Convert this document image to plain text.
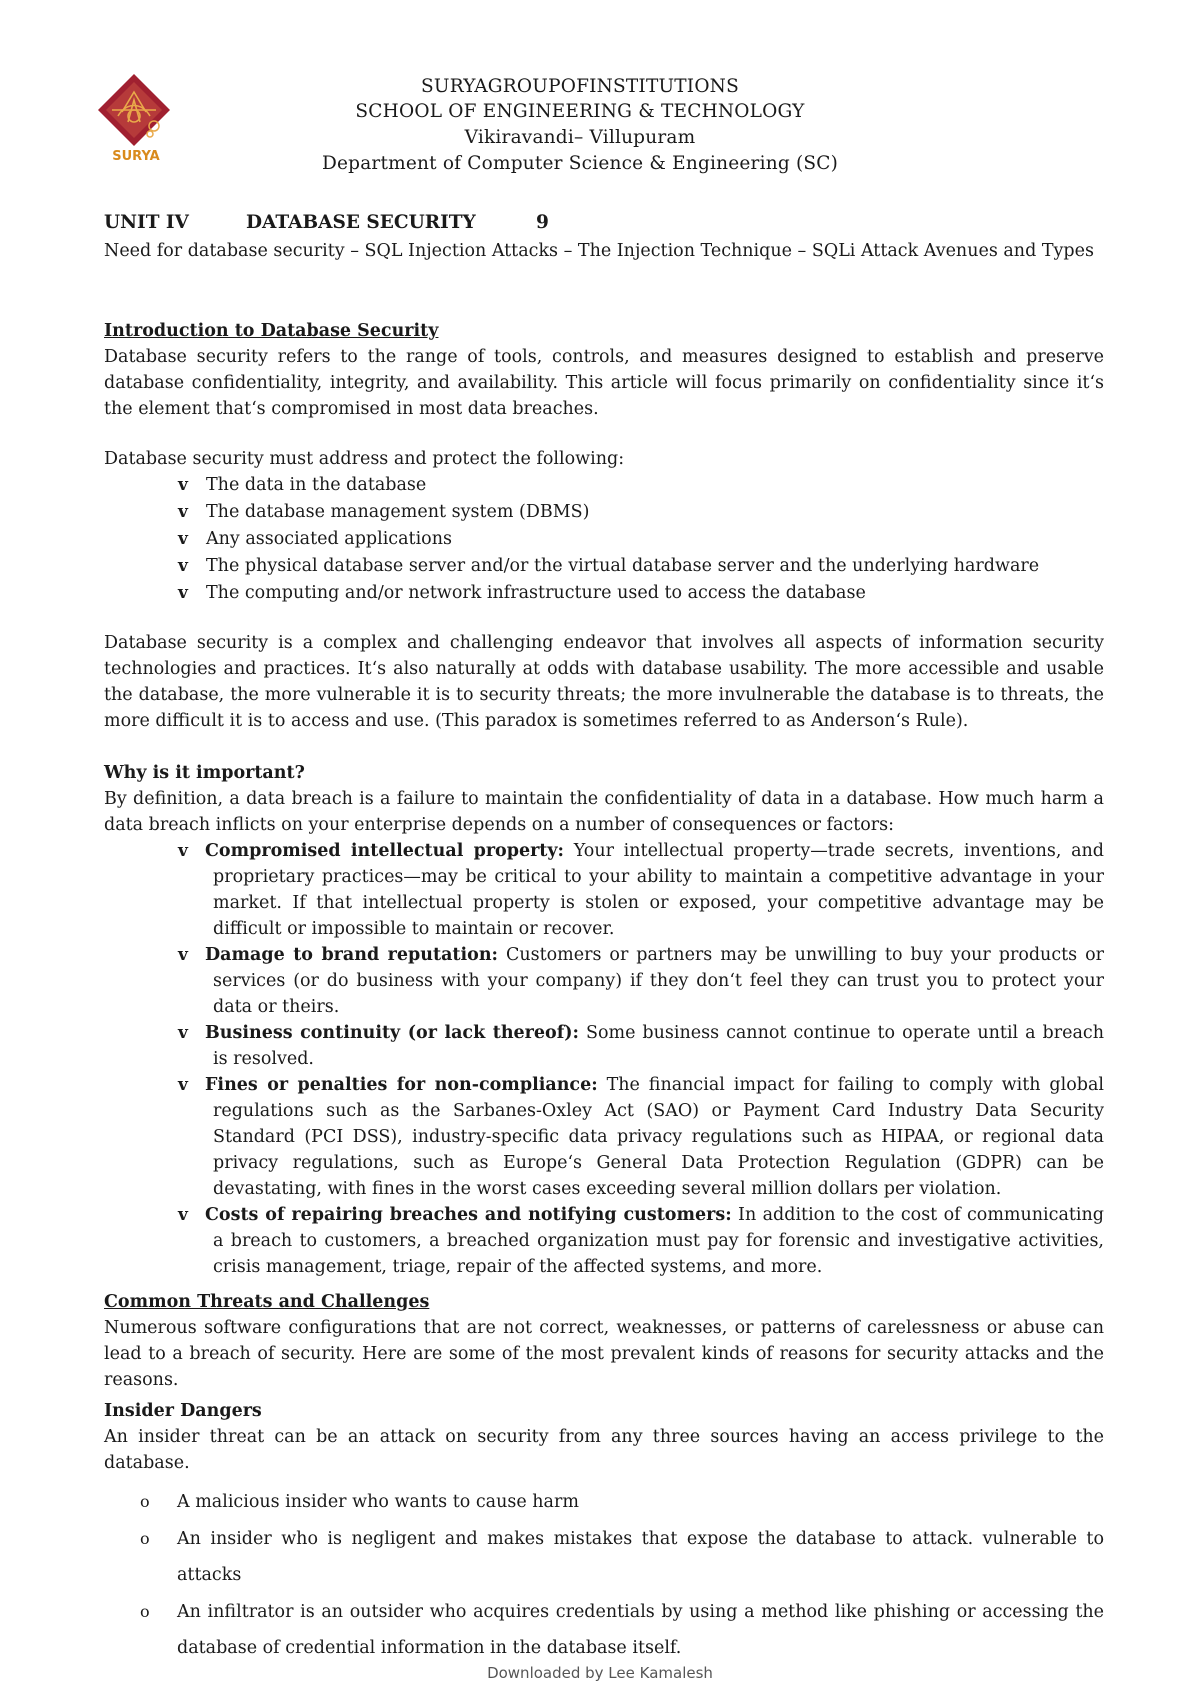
SURYA
SURYAGROUPOFINSTITUTIONS
SCHOOL OF ENGINEERING & TECHNOLOGY
Vikiravandi– Villupuram
Department of Computer Science & Engineering (SC)
UNIT IV	DATABASE SECURITY	9

Need for database security – SQL Injection Attacks – The Injection Technique – SQLi Attack Avenues and Types

Introduction to Database Security

Database security refers to the range of tools, controls, and measures designed to establish and preserve database confidentiality, integrity, and availability. This article will focus primarily on confidentiality since it‘s the element that‘s compromised in most data breaches.

Database security must address and protect the following:

v The data in the database
v The database management system (DBMS)
v Any associated applications
v The physical database server and/or the virtual database server and the underlying hardware
v The computing and/or network infrastructure used to access the database

Database security is a complex and challenging endeavor that involves all aspects of information security technologies and practices. It‘s also naturally at odds with database usability. The more accessible and usable the database, the more vulnerable it is to security threats; the more invulnerable the database is to threats, the more difficult it is to access and use. (This paradox is sometimes referred to as Anderson‘s Rule).

Why is it important?

By definition, a data breach is a failure to maintain the confidentiality of data in a database. How much harm a data breach inflicts on your enterprise depends on a number of consequences or factors:

v Compromised intellectual property: Your intellectual property—trade secrets, inventions, and proprietary practices—may be critical to your ability to maintain a competitive advantage in your market. If that intellectual property is stolen or exposed, your competitive advantage may be difficult or impossible to maintain or recover.

v Damage to brand reputation: Customers or partners may be unwilling to buy your products or services (or do business with your company) if they don‘t feel they can trust you to protect your data or theirs.

v Business continuity (or lack thereof): Some business cannot continue to operate until a breach is resolved.

v Fines or penalties for non-compliance: The financial impact for failing to comply with global regulations such as the Sarbanes-Oxley Act (SAO) or Payment Card Industry Data Security Standard (PCI DSS), industry-specific data privacy regulations such as HIPAA, or regional data privacy regulations, such as Europe‘s General Data Protection Regulation (GDPR) can be devastating, with fines in the worst cases exceeding several million dollars per violation.

v Costs of repairing breaches and notifying customers: In addition to the cost of communicating a breach to customers, a breached organization must pay for forensic and investigative activities, crisis management, triage, repair of the affected systems, and more.

Common Threats and Challenges

Numerous software configurations that are not correct, weaknesses, or patterns of carelessness or abuse can lead to a breach of security. Here are some of the most prevalent kinds of reasons for security attacks and the reasons.

Insider Dangers

An insider threat can be an attack on security from any three sources having an access privilege to the database.

o A malicious insider who wants to cause harm

o An insider who is negligent and makes mistakes that expose the database to attack. vulnerable to attacks

o An infiltrator is an outsider who acquires credentials by using a method like phishing or accessing the database of credential information in the database itself.

Downloaded by Lee Kamalesh
